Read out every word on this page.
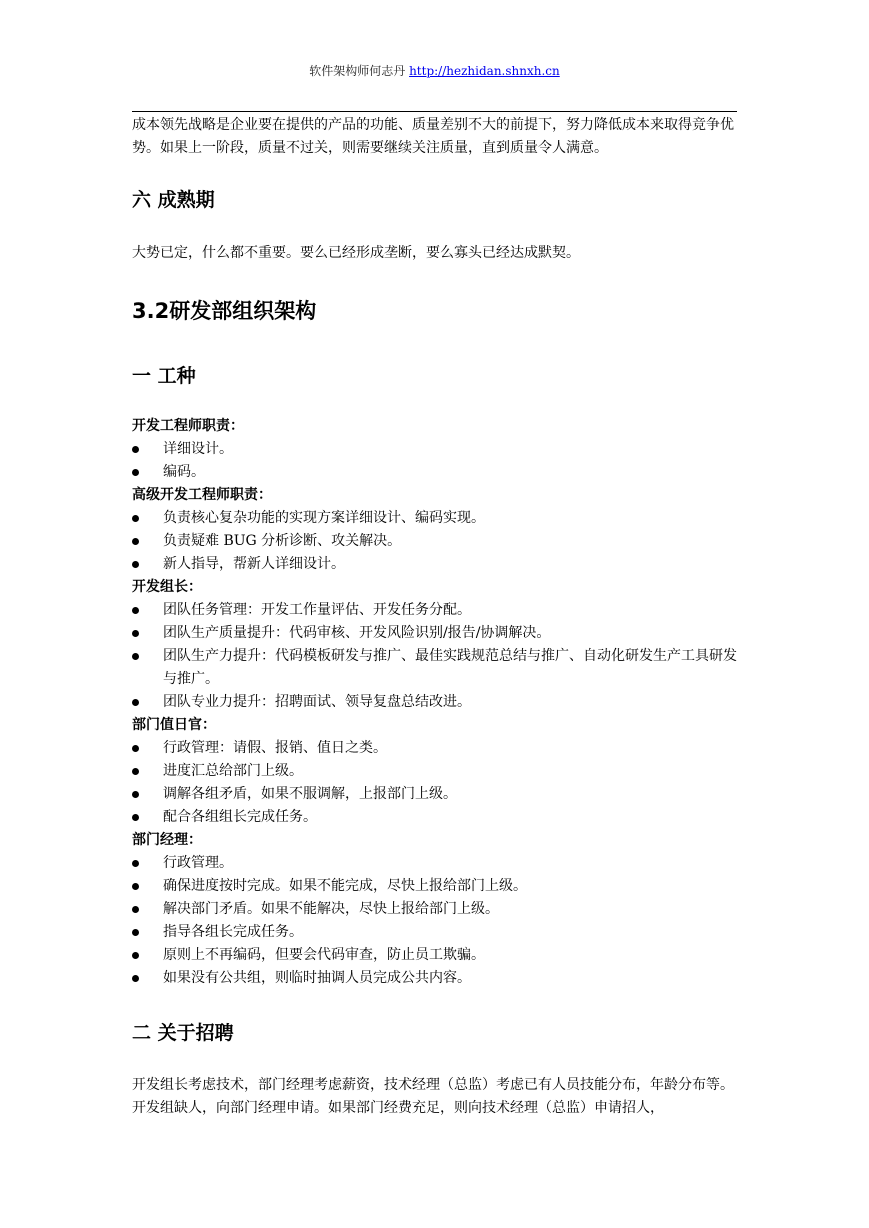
软件架构师何志丹 http://hezhidan.shnxh.cn

成本领先战略是企业要在提供的产品的功能、质量差别不大的前提下，努力降低成本来取得竞争优势。如果上一阶段，质量不过关，则需要继续关注质量，直到质量令人满意。

六 成熟期

大势已定，什么都不重要。要么已经形成垄断，要么寡头已经达成默契。

3.2研发部组织架构
一 工种
开发工程师职责：
详细设计。
编码。
高级开发工程师职责：
负责核心复杂功能的实现方案详细设计、编码实现。
负责疑难 BUG 分析诊断、攻关解决。
新人指导，帮新人详细设计。
开发组长：
团队任务管理：开发工作量评估、开发任务分配。
团队生产质量提升：代码审核、开发风险识别/报告/协调解决。
团队生产力提升：代码模板研发与推广、最佳实践规范总结与推广、自动化研发生产工具研发与推广。
团队专业力提升：招聘面试、领导复盘总结改进。
部门值日官：
行政管理：请假、报销、值日之类。
进度汇总给部门上级。
调解各组矛盾，如果不服调解，上报部门上级。
配合各组组长完成任务。
部门经理：
行政管理。
确保进度按时完成。如果不能完成，尽快上报给部门上级。
解决部门矛盾。如果不能解决，尽快上报给部门上级。
指导各组长完成任务。
原则上不再编码，但要会代码审查，防止员工欺骗。
如果没有公共组，则临时抽调人员完成公共内容。
二 关于招聘

开发组长考虑技术，部门经理考虑薪资，技术经理（总监）考虑已有人员技能分布，年龄分布等。开发组缺人，向部门经理申请。如果部门经费充足，则向技术经理（总监）申请招人，
